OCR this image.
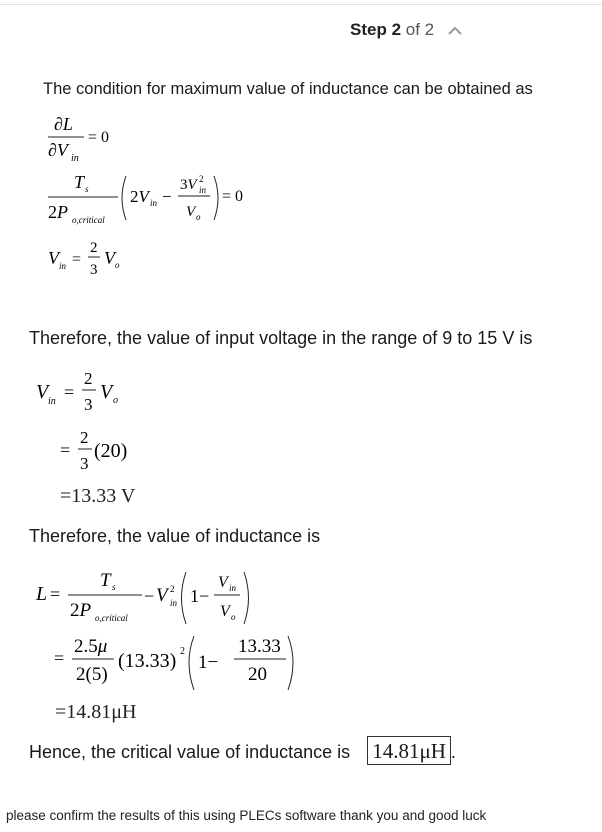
Step 2 of 2
The condition for maximum value of inductance can be obtained as
∂L
∂V in
= 0
T s
2P o,critical
2V in −
3V 2
in
V o
= 0
V in =
2
3
V o
Therefore, the value of input voltage in the range of 9 to 15 V is
V in =
2
3
V o
=
2
3
(20)
=13.33 V
Therefore, the value of inductance is
L =
T s
2P o,critical
− V 2
in 1−
V in
V o
=
2.5μ
2(5)
(13.33) 2
1−
13.33
20
=14.81μH
Hence, the critical value of inductance is 14.81μH .
please confirm the results of this using PLECs software thank you and good luck
